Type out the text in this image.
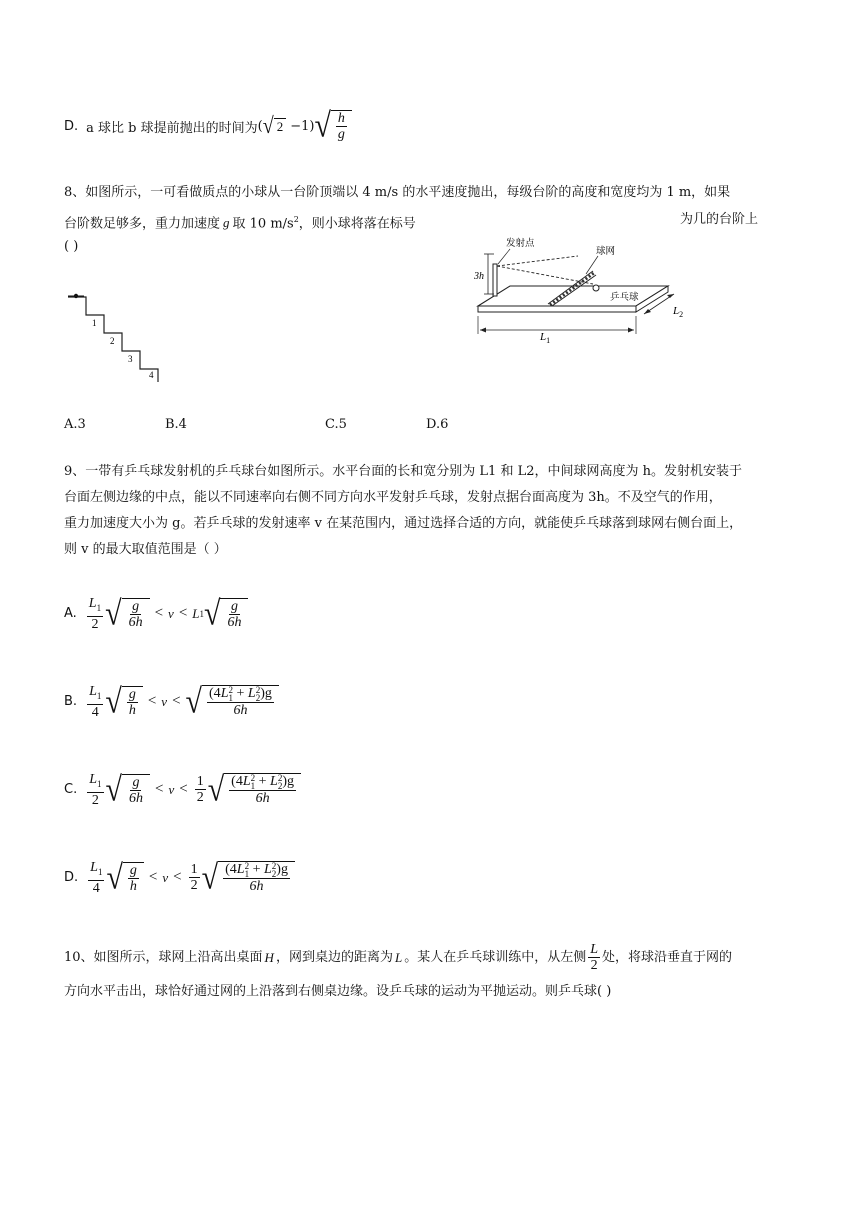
D. a 球比 b 球提前抛出的时间为 ( √ 2 −1) √ $\frac{h}{g}$
8、如图所示，一可看做质点的小球从一台阶顶端以 4 m/s 的水平速度抛出，每级台阶的高度和宽度均为 1 m，如果
台阶数足够多，重力加速度 g 取 10 $m/s^2$，则小球将落在标号	为几的台阶上
( )
1
2
3
4
3h
发射点
球网
乒乓球
$L_1$
$L_2$
A.3	B.4	C.5	D.6
9、一带有乒乓球发射机的乒乓球台如图所示。水平台面的长和宽分别为 L1 和 L2，中间球网高度为 h。发射机安装于
台面左侧边缘的中点，能以不同速率向右侧不同方向水平发射乒乓球，发射点据台面高度为 3h。不及空气的作用，
重力加速度大小为 g。若乒乓球的发射速率 v 在某范围内，通过选择合适的方向，就能使乒乓球落到球网右侧台面上，
则 v 的最大取值范围是（ ）
A. $\frac{L_1}{2}$ √ $\frac{g}{6h} < v < L$ 1 √ $\frac{g}{6h}$
B. $\frac{L_1}{4}$ √ $\frac{g}{h} < v$ < √ (4L 2
1 + L 2
2 )g
6h
C. $\frac{L_1}{2}$ √ $\frac{g}{6h} < v < \frac{1}{2}$ √ (4L 2
1 + L 2
2 )g
6h
D. $\frac{L_1}{4}$ √ $\frac{g}{h} < v < \frac{1}{2}$ √ (4L 2
1 + L 2
2 )g
6h
10、如图所示，球网上沿高出桌面 H ，网到桌边的距离为 L 。某人在乒乓球训练中，从左侧 $\frac{L}{2}$ 处，将球沿垂直于网的
方向水平击出，球恰好通过网的上沿落到右侧桌边缘。设乒乓球的运动为平抛运动。则乒乓球( )
